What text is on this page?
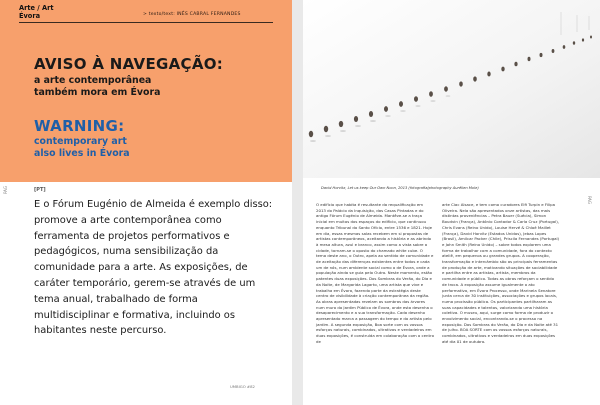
Arte / Art
Évora	> texto/text: INÊS CABRAL FERNANDES
AVISO À NAVEGAÇÃO:
a arte contemporânea
também mora em Évora
WARNING:
contemporary art
also lives in Évora
PAG	[PT]

E o Fórum Eugénio de Almeida é exemplo disso: promove a arte contemporânea como ferramenta de projetos performativos e pedagógicos, numa sensibilização da comunidade para a arte. As exposições, de caráter temporário, gerem-se através de um tema anual, trabalhado de forma multidisciplinar e formativa, incluindo os habitantes neste percurso.

UMBIGO #82
David Horvitz, Let us keep Our Own Noon, 2013 (fotografia/photography Aurélien Mole)
PAG

O edifício que habita é resultante da requalificação em 2013 do Palácio da Inquisição, das Casas Pintadas e do antigo Fórum Eugénio de Almeida. Mantêve-se a traça inicial em muitos dos espaços do edifício, que continuou enquanto Tribunal do Santo Ofício, entre 1536 e 1821. Hoje em dia, essas mesmas salas recebem em si propostas de artistas contemporâneos, aceitando a história e as abrindo à mesa altura, azul e branco, assim como a vista sobre a cidade, tornam-se o oposto do chamado white cube. O tema deste ano, o Outro, apela ao sentido de comunidade e de aceitação das diferenças existentes entre todos e cada um de nós, num ambiente social como o de Évora, onde a população ainda se guia pelo Outro. Neste momento, estão patentes duas exposições. Dos Sombras do Verão, do Dia e da Noite, de Margarida Lagarto, uma artista que vive e trabalha em Évora, fazendo parte da estratégia deste centro de visibilidade à criação contemporânea da região. As obras apresentadas revelam as sombras das árvores num muro do Jardim Público de Évora, onde esta desenha o desaparecimento e a sua transformação. Cada desenho apresentado marca a passagem do tempo e do artista pelo jardim. A segunda exposição, Boa sorte com os vossos esforços naturais, combinados, ultrativos e verdadeiros em duas exposições, é construída em colaboração com o centro de

arte Ciac Alsace, e tem como curadores Elfi Turpin e Filipa Oliveira. Nela são apresentados onze artistas, das mais distintas proveniências – Petra Bauer (Suécia), Simon Boudvin (França), António Contador & Carla Cruz (Portugal), Chris Evans (Reino Unido), Louise Hervé & Chloé Maillet (França), David Horvitz (Estados Unidos), Jebas Lopes (Brasil), Amilcar Packer (Chile), Priscila Fernandes (Portugal) e John Smith (Reino Unido) – sobre todos explorem uma forma de trabalhar com a comunidade, fora do contexto ateliê, em pequenos ou grandes grupos. A cooperação, transformação e intercâmbio são as principais ferramentas de produção de arte, motivando situações de sociabilidade e partilha entre as artistas, artista, membros da comunidade e público. Todas as obras reforçam o sentido de troca. A exposição assume igualmente o ato performativo, em Évora Processo, onde Marinela Senatore junta cerca de 30 instituições, associações e grupos locais, numa procissão pública. Os participantes partilharam as suas capacidades e talentos, valorizando uma história coletiva. O museu, aqui, surge como forma de produzir o envolvimento social, encontrando-se o processo na exposição. Dos Sombras do Verão, do Dia e da Noite até 31 de julho. BOA SORTE com os vossos esforços naturais, combinados, ultrativos e verdadeiros em duas exposições até dia 01 de outubro.
